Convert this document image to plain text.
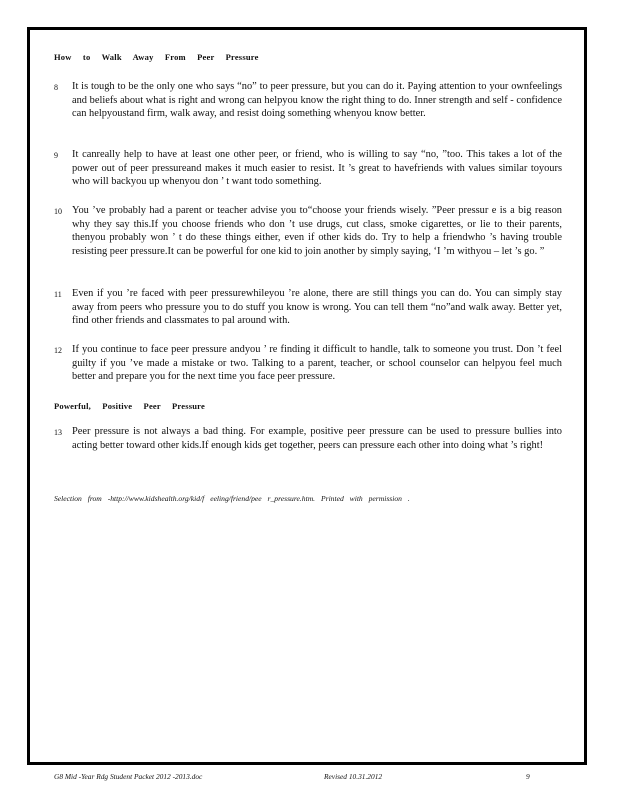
How to Walk Away From Peer Pressure
8	It is tough to be the only one who says “no” to peer pressure, but you can do it. Paying attention to your ownfeelings and beliefs about what is right and wrong can helpyou know the right thing to do. Inner strength and self - confidence can helpyoustand firm, walk away, and resist doing something whenyou know better.
9	It canreally help to have at least one other peer, or friend, who is willing to say “no, ”too. This takes a lot of the power out of peer pressureand makes it much easier to resist. It ’s great to havefriends with values similar toyours who will backyou up whenyou don ’ t want todo something.
10 You ’ve probably had a parent or teacher advise you to“choose your friends wisely. ”Peer pressur e is a big reason why they say this.If you choose friends who don ’t use drugs, cut class, smoke cigarettes, or lie to their parents, thenyou probably won ’ t do these things either, even if other kids do. Try to help a friendwho ’s having trouble resisting peer pressure.It can be powerful for one kid to join another by simply saying, ‘I ’m withyou – let ’s go. ”
11 Even if you ’re faced with peer pressurewhileyou ’re alone, there are still things you can do. You can simply stay away from peers who pressure you to do stuff you know is wrong. You can tell them “no”and walk away. Better yet, find other friends and classmates to pal around with.
12 If you continue to face peer pressure andyou ’ re finding it difficult to handle, talk to someone you trust. Don ’t feel guilty if you ’ve made a mistake or two. Talking to a parent, teacher, or school counselor can helpyou feel much better and prepare you for the next time you face peer pressure.
Powerful, Positive Peer Pressure
13 Peer pressure is not always a bad thing. For example, positive peer pressure can be used to pressure bullies into acting better toward other kids.If enough kids get together, peers can pressure each other into doing what ’s right!
Selection from -http://www.kidshealth.org/kid/f eeling/friend/pee r_pressure.htm. Printed with permission .
G8 Mid -Year Rdg Student Packet 2012 -2013.doc	Revised 10.31.2012	9
